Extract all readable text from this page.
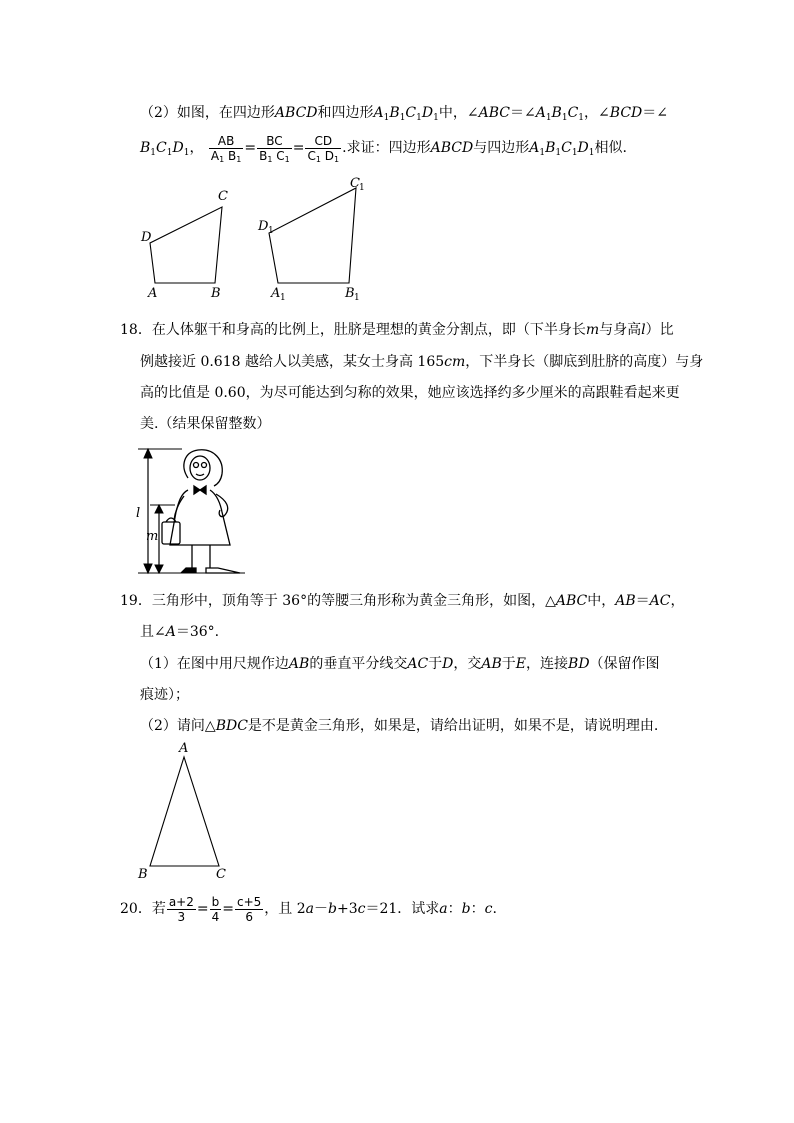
（2）如图，在四边形ABCD和四边形$A_1B_1C_1D_1$中，$\angle ABC=\angle A_1B_1C_1$，∠BCD＝∠
$B_1C_1D_1$， $\frac{AB}{A_1 B_1} = \frac{BC}{B_1 C_1} = \frac{CD}{C_1 D_1}$ .求证：四边形ABCD与四边形$A_1B_1C_1D_1$相似.
A	B
C
D
A 1	B 1
C 1
D 1
18．在人体躯干和身高的比例上，肚脐是理想的黄金分割点，即（下半身长m与身高l）比
例越接近 0.618 越给人以美感，某女士身高 165cm，下半身长（脚底到肚脐的高度）与身
高的比值是 0.60，为尽可能达到匀称的效果，她应该选择约多少厘米的高跟鞋看起来更
美.（结果保留整数）
l
m
19．三角形中，顶角等于 36°的等腰三角形称为黄金三角形，如图，△ABC中，AB＝AC，
且∠A＝36°.
（1）在图中用尺规作边AB的垂直平分线交AC于D，交AB于E，连接BD（保留作图
痕迹）；
（2）请问△BDC是不是黄金三角形，如果是，请给出证明，如果不是，请说明理由.
A
B	C
20．若 $\frac{a+2}{3} = \frac{b}{4} = \frac{c+5}{6}$ ，且 2a－b+3c＝21．试求a：b：c.
